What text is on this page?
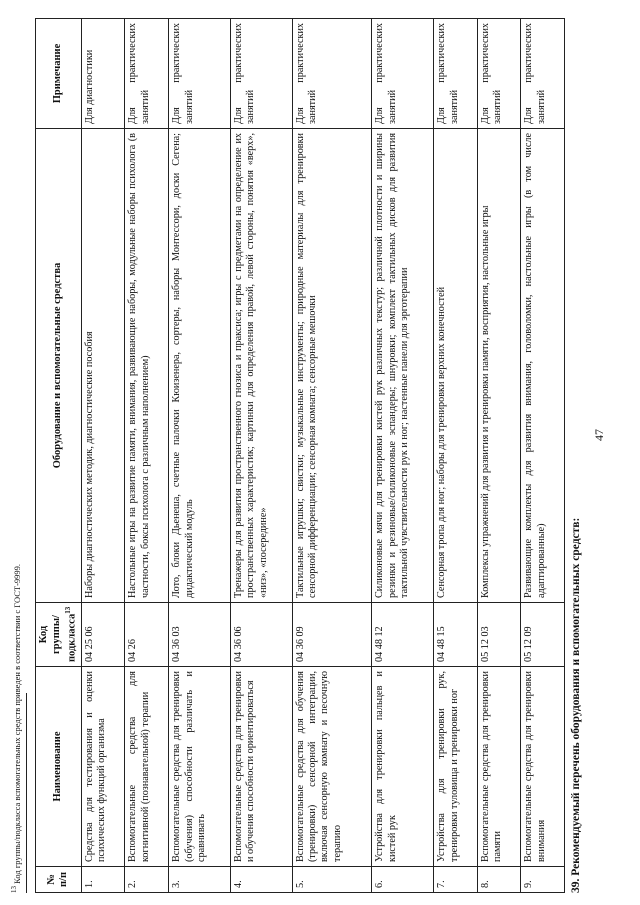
47
39. Рекомендуемый перечень оборудования и вспомогательных средств:
№ п/п	Наименование	Код группы/подкласса$^{13}$	Оборудование и вспомогательные средства	Примечание
1.	Средства для тестирования и оценки психических функций организма	04 25 06	Наборы диагностических методик, диагностические пособия	Для диагностики
2.	Вспомогательные средства для когнитивной (познавательной) терапии	04 26	Настольные игры на развитие памяти, внимания, развивающие наборы, модульные наборы психолога (в частности, боксы психолога с различным наполнением)	Для практических занятий
3.	Вспомогательные средства для тренировки (обучения) способности различать и сравнивать	04 36 03	Лото, блоки Дьенеша, счетные палочки Кюизенера, сортеры, наборы Монтессори, доски Сегена; дидактический модуль	Для практических занятий
4.	Вспомогательные средства для тренировки и обучения способности ориентироваться	04 36 06	Тренажеры для развития пространственного гнозиса и праксиса; игры с предметами на определение их пространственных характеристик; картинки для определения правой, левой стороны, понятия «верх», «низ», «посередине»	Для практических занятий
5.	Вспомогательные средства для обучения (тренировки) сенсорной интеграции, включая сенсорную комнату и песочную терапию	04 36 09	Тактильные игрушки; свистки; музыкальные инструменты; природные материалы для тренировки сенсорной дифференциации; сенсорная комната; сенсорные мешочки	Для практических занятий
6.	Устройства для тренировки пальцев и кистей рук	04 48 12	Силиконовые мячи для тренировки кистей рук различных текстур; различной плотности и ширины резинки и резиновые/силиконовые эспандеры; шнуровки; комплект тактильных дисков для развития тактильной чувствительности рук и ног; настенные панели для эрготерапии	Для практических занятий
7.	Устройства для тренировки рук, тренировки туловища и тренировки ног	04 48 15	Сенсорная тропа для ног; наборы для тренировки верхних конечностей	Для практических занятий
8.	Вспомогательные средства для тренировки памяти	05 12 03	Комплексы упражнений для развития и тренировки памяти, восприятия, настольные игры	Для практических занятий
9.	Вспомогательные средства для тренировки внимания	05 12 09	Развивающие комплекты для развития внимания, головоломки, настольные игры (в том числе адаптированные)	Для практических занятий
$^{13}$ Код группы/подкласса вспомогательных средств приведен в соответствии с ГОСТ-9999.
